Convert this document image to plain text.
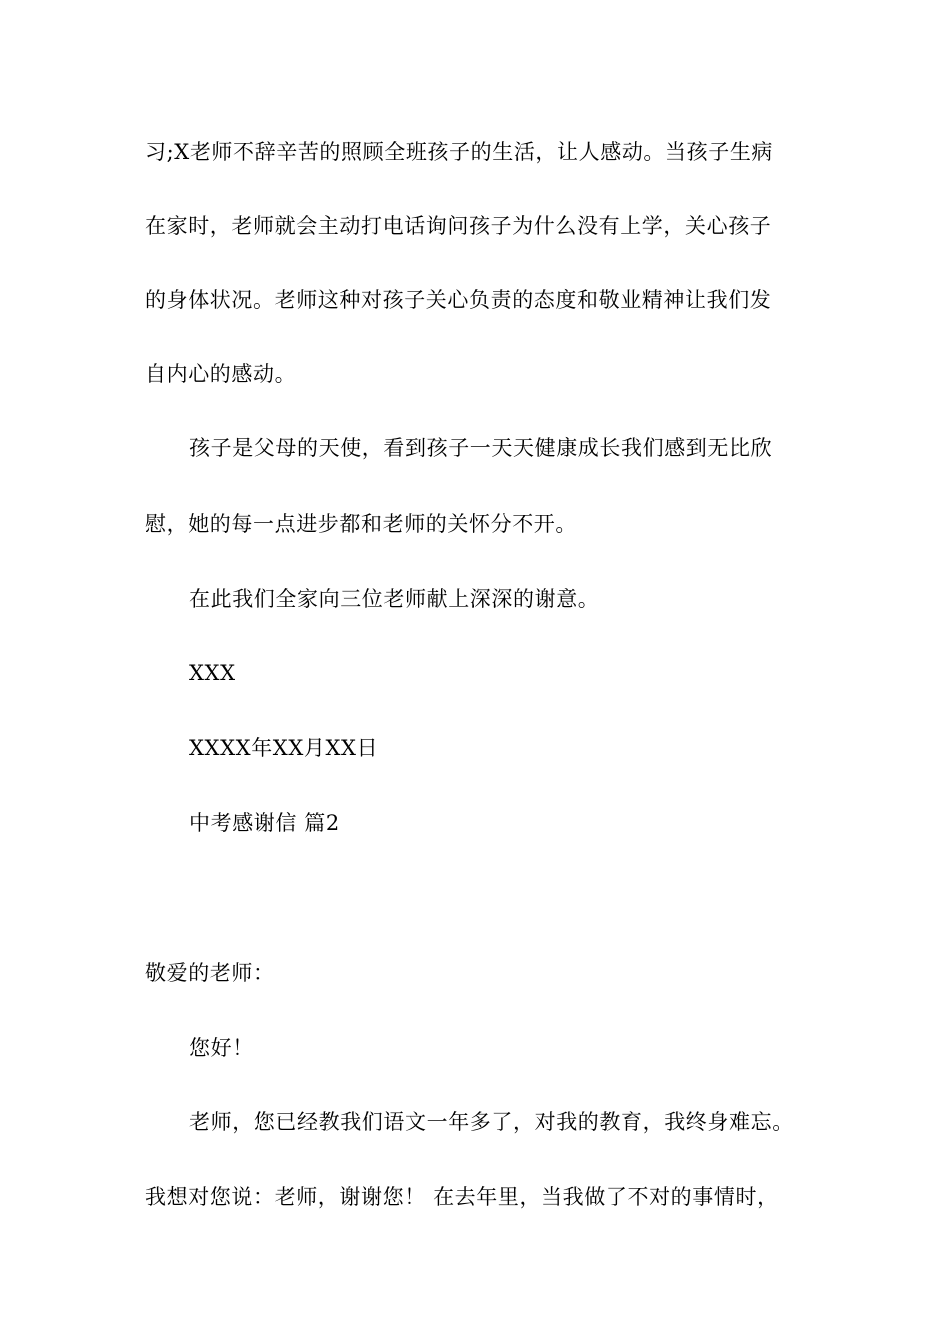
习;X老师不辞辛苦的照顾全班孩子的生活，让人感动。当孩子生病
在家时，老师就会主动打电话询问孩子为什么没有上学，关心孩子
的身体状况。老师这种对孩子关心负责的态度和敬业精神让我们发
自内心的感动。
孩子是父母的天使，看到孩子一天天健康成长我们感到无比欣
慰，她的每一点进步都和老师的关怀分不开。
在此我们全家向三位老师献上深深的谢意。
XXX
XXXX年XX月XX日
中考感谢信 篇2
敬爱的老师：
您好！
老师，您已经教我们语文一年多了，对我的教育，我终身难忘。
我想对您说：老师，谢谢您！ 在去年里，当我做了不对的事情时，
